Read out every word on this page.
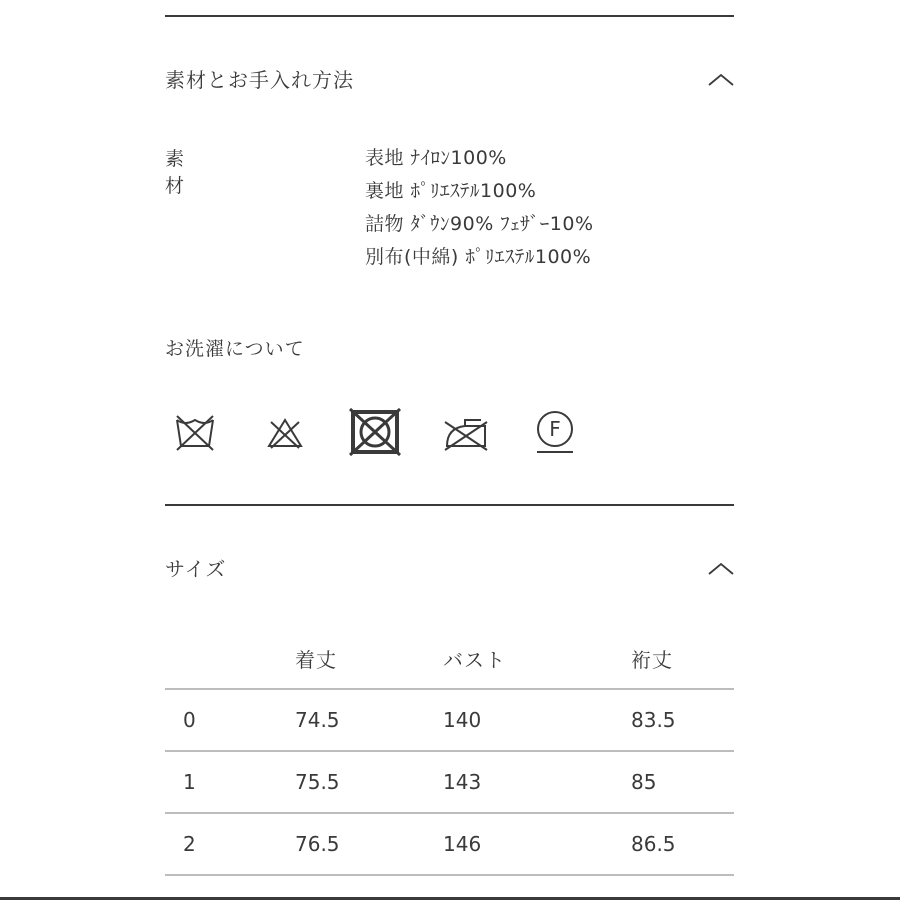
素材とお手入れ方法
素材
表地 ﾅｲﾛﾝ100%
裏地 ﾎﾟﾘｴｽﾃﾙ100%
詰物 ﾀﾞｳﾝ90% ﾌｪｻﾞｰ10%
別布(中綿) ﾎﾟﾘｴｽﾃﾙ100%
お洗濯について
F
サイズ
	着丈	バスト	裄丈
0	74.5	140	83.5
1	75.5	143	85
2	76.5	146	86.5
